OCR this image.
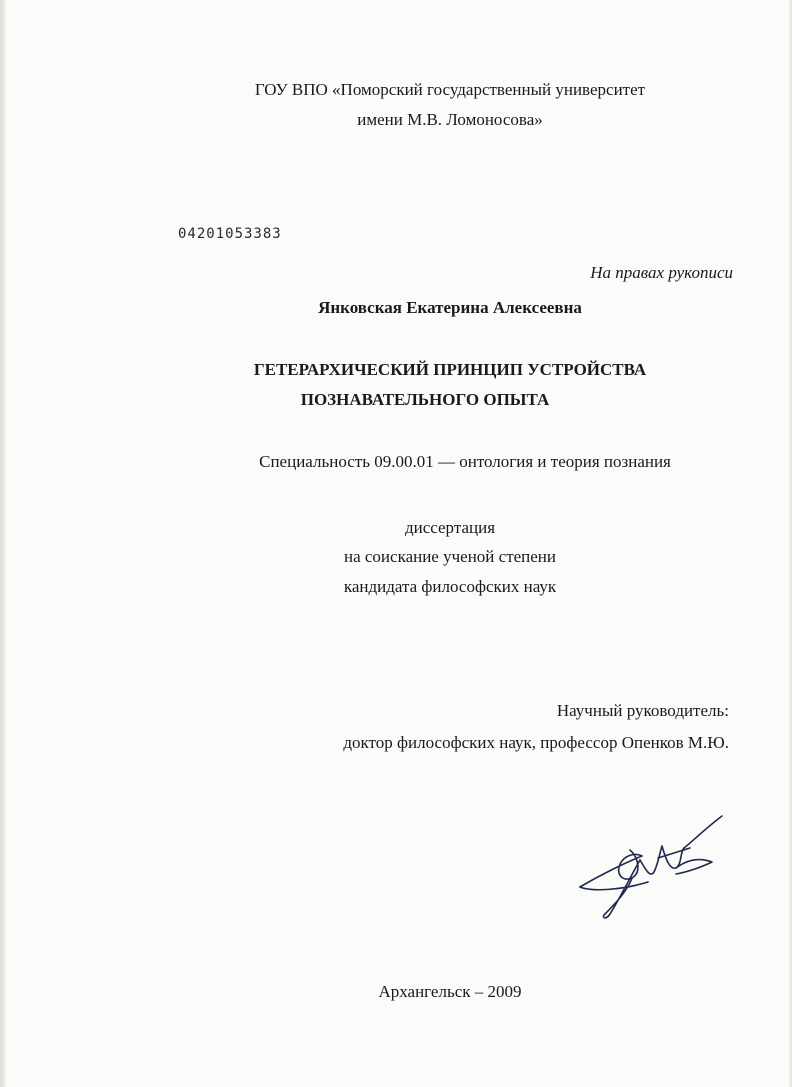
ГОУ ВПО «Поморский государственный университет
имени М.В. Ломоносова»
04201053383
На правах рукописи
Янковская Екатерина Алексеевна
ГЕТЕРАРХИЧЕСКИЙ ПРИНЦИП УСТРОЙСТВА
ПОЗНАВАТЕЛЬНОГО ОПЫТА
Специальность 09.00.01 — онтология и теория познания
диссертация
на соискание ученой степени
кандидата философских наук
Научный руководитель:
доктор философских наук, профессор Опенков М.Ю.
Архангельск – 2009
